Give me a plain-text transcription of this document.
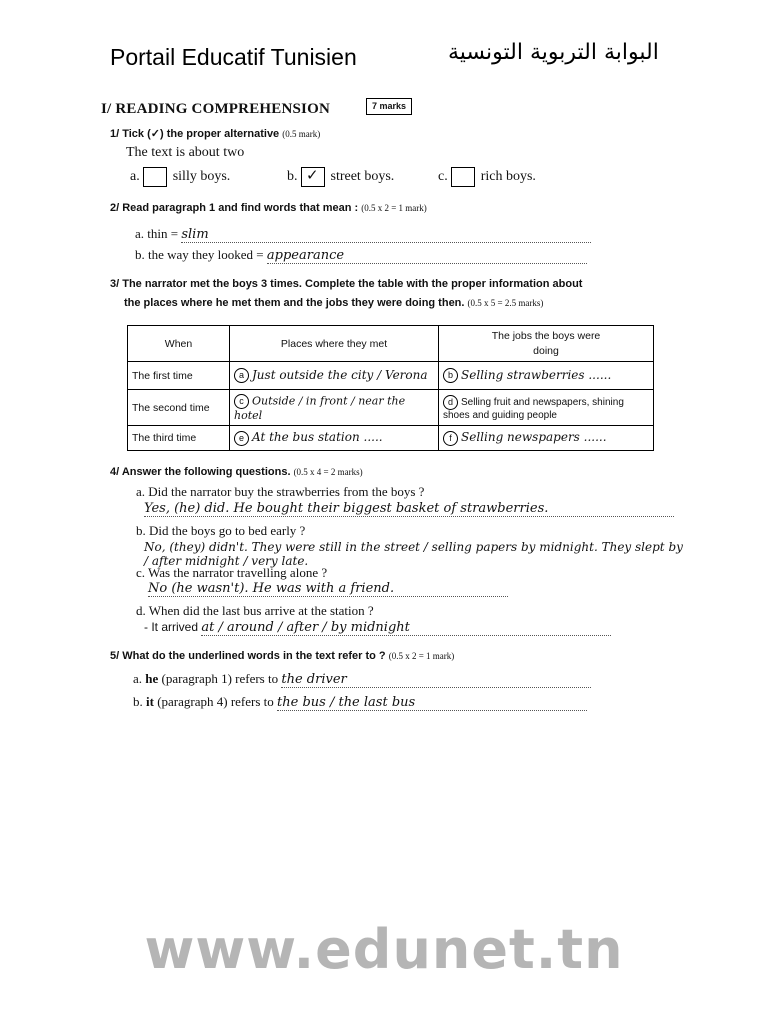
Portail Educatif Tunisien	البوابة التربوية التونسية
I/ READING COMPREHENSION	7 marks
1/ Tick (✓) the proper alternative (0.5 mark)
The text is about two
a. silly boys.	b. ✓ street boys.	c. rich boys.
2/ Read paragraph 1 and find words that mean : (0.5 x 2 = 1 mark)
a. thin = slim
b. the way they looked = appearance
3/ The narrator met the boys 3 times. Complete the table with the proper information about
the places where he met them and the jobs they were doing then. (0.5 x 5 = 2.5 marks)
When	Places where they met	The jobs the boys were doing
The first time	a Just outside the city / Verona	b Selling strawberries ......
The second time	c Outside / in front / near the hotel	d Selling fruit and newspapers, shining shoes and guiding people
The third time	e At the bus station .....	f Selling newspapers ......
4/ Answer the following questions. (0.5 x 4 = 2 marks)
a. Did the narrator buy the strawberries from the boys ?
Yes, (he) did. He bought their biggest basket of strawberries.
b. Did the boys go to bed early ?
No, (they) didn't. They were still in the street / selling papers by midnight. They slept by / after midnight / very late.
c. Was the narrator travelling alone ?
No (he wasn't). He was with a friend.
d. When did the last bus arrive at the station ?
- It arrived at / around / after / by midnight
5/ What do the underlined words in the text refer to ? (0.5 x 2 = 1 mark)
a. he (paragraph 1) refers to the driver
b. it (paragraph 4) refers to the bus / the last bus
www.edunet.tn
